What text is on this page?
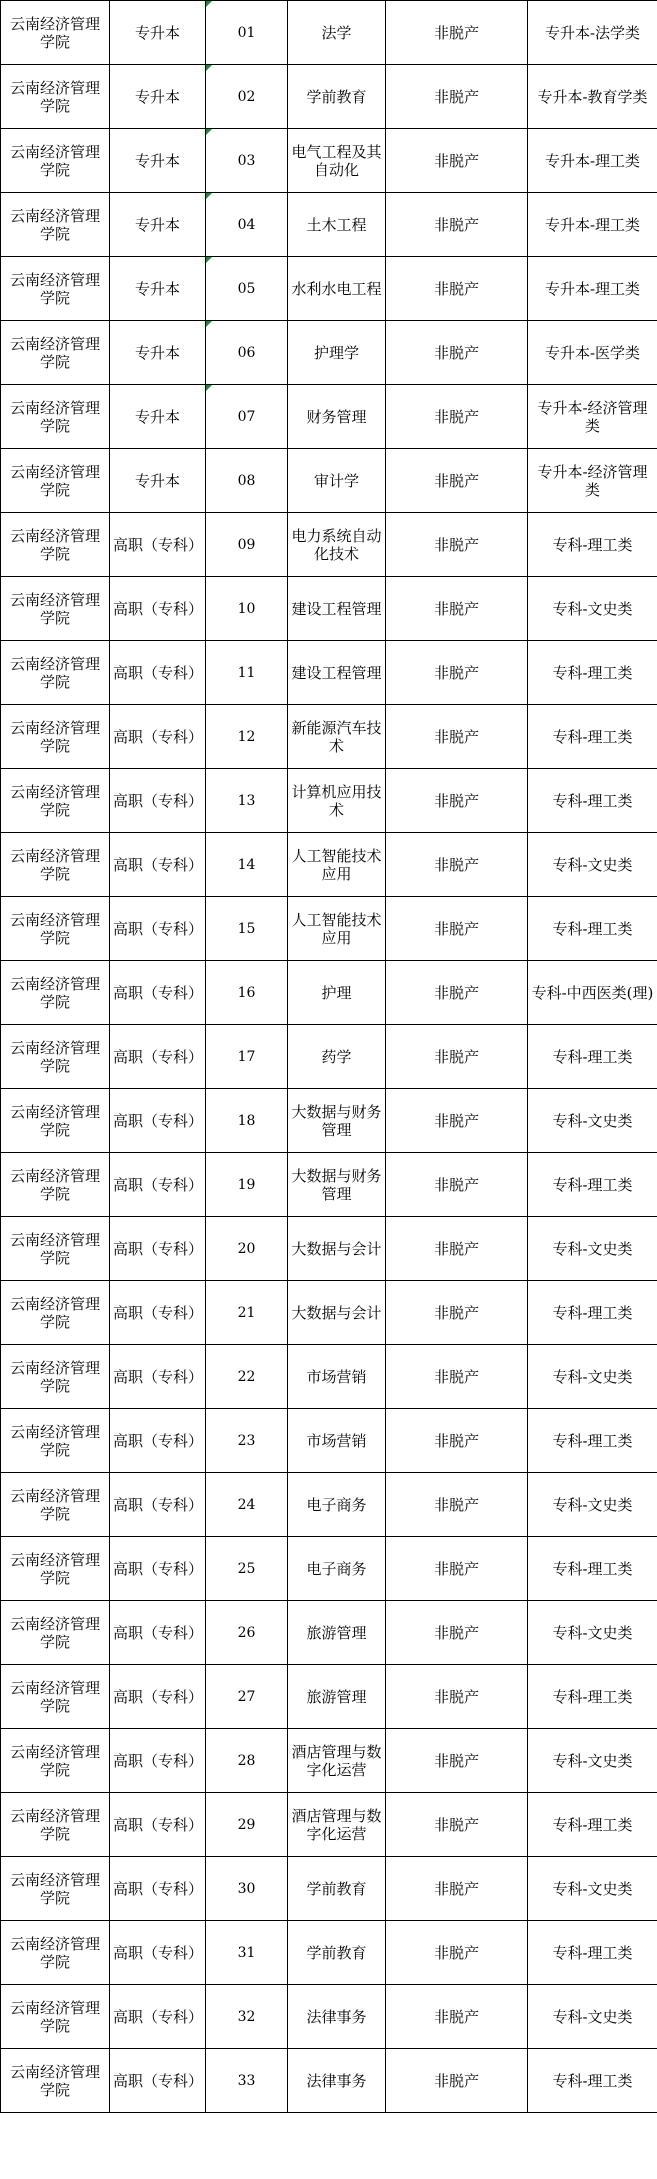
云南经济管理学院	专升本	01	法学	非脱产	专升本-法学类
云南经济管理学院	专升本	02	学前教育	非脱产	专升本-教育学类
云南经济管理学院	专升本	03	电气工程及其自动化	非脱产	专升本-理工类
云南经济管理学院	专升本	04	土木工程	非脱产	专升本-理工类
云南经济管理学院	专升本	05	水利水电工程	非脱产	专升本-理工类
云南经济管理学院	专升本	06	护理学	非脱产	专升本-医学类
云南经济管理学院	专升本	07	财务管理	非脱产	专升本-经济管理类
云南经济管理学院	专升本	08	审计学	非脱产	专升本-经济管理类
云南经济管理学院	高职（专科）	09	电力系统自动化技术	非脱产	专科-理工类
云南经济管理学院	高职（专科）	10	建设工程管理	非脱产	专科-文史类
云南经济管理学院	高职（专科）	11	建设工程管理	非脱产	专科-理工类
云南经济管理学院	高职（专科）	12	新能源汽车技术	非脱产	专科-理工类
云南经济管理学院	高职（专科）	13	计算机应用技术	非脱产	专科-理工类
云南经济管理学院	高职（专科）	14	人工智能技术应用	非脱产	专科-文史类
云南经济管理学院	高职（专科）	15	人工智能技术应用	非脱产	专科-理工类
云南经济管理学院	高职（专科）	16	护理	非脱产	专科-中西医类(理)
云南经济管理学院	高职（专科）	17	药学	非脱产	专科-理工类
云南经济管理学院	高职（专科）	18	大数据与财务管理	非脱产	专科-文史类
云南经济管理学院	高职（专科）	19	大数据与财务管理	非脱产	专科-理工类
云南经济管理学院	高职（专科）	20	大数据与会计	非脱产	专科-文史类
云南经济管理学院	高职（专科）	21	大数据与会计	非脱产	专科-理工类
云南经济管理学院	高职（专科）	22	市场营销	非脱产	专科-文史类
云南经济管理学院	高职（专科）	23	市场营销	非脱产	专科-理工类
云南经济管理学院	高职（专科）	24	电子商务	非脱产	专科-文史类
云南经济管理学院	高职（专科）	25	电子商务	非脱产	专科-理工类
云南经济管理学院	高职（专科）	26	旅游管理	非脱产	专科-文史类
云南经济管理学院	高职（专科）	27	旅游管理	非脱产	专科-理工类
云南经济管理学院	高职（专科）	28	酒店管理与数字化运营	非脱产	专科-文史类
云南经济管理学院	高职（专科）	29	酒店管理与数字化运营	非脱产	专科-理工类
云南经济管理学院	高职（专科）	30	学前教育	非脱产	专科-文史类
云南经济管理学院	高职（专科）	31	学前教育	非脱产	专科-理工类
云南经济管理学院	高职（专科）	32	法律事务	非脱产	专科-文史类
云南经济管理学院	高职（专科）	33	法律事务	非脱产	专科-理工类
